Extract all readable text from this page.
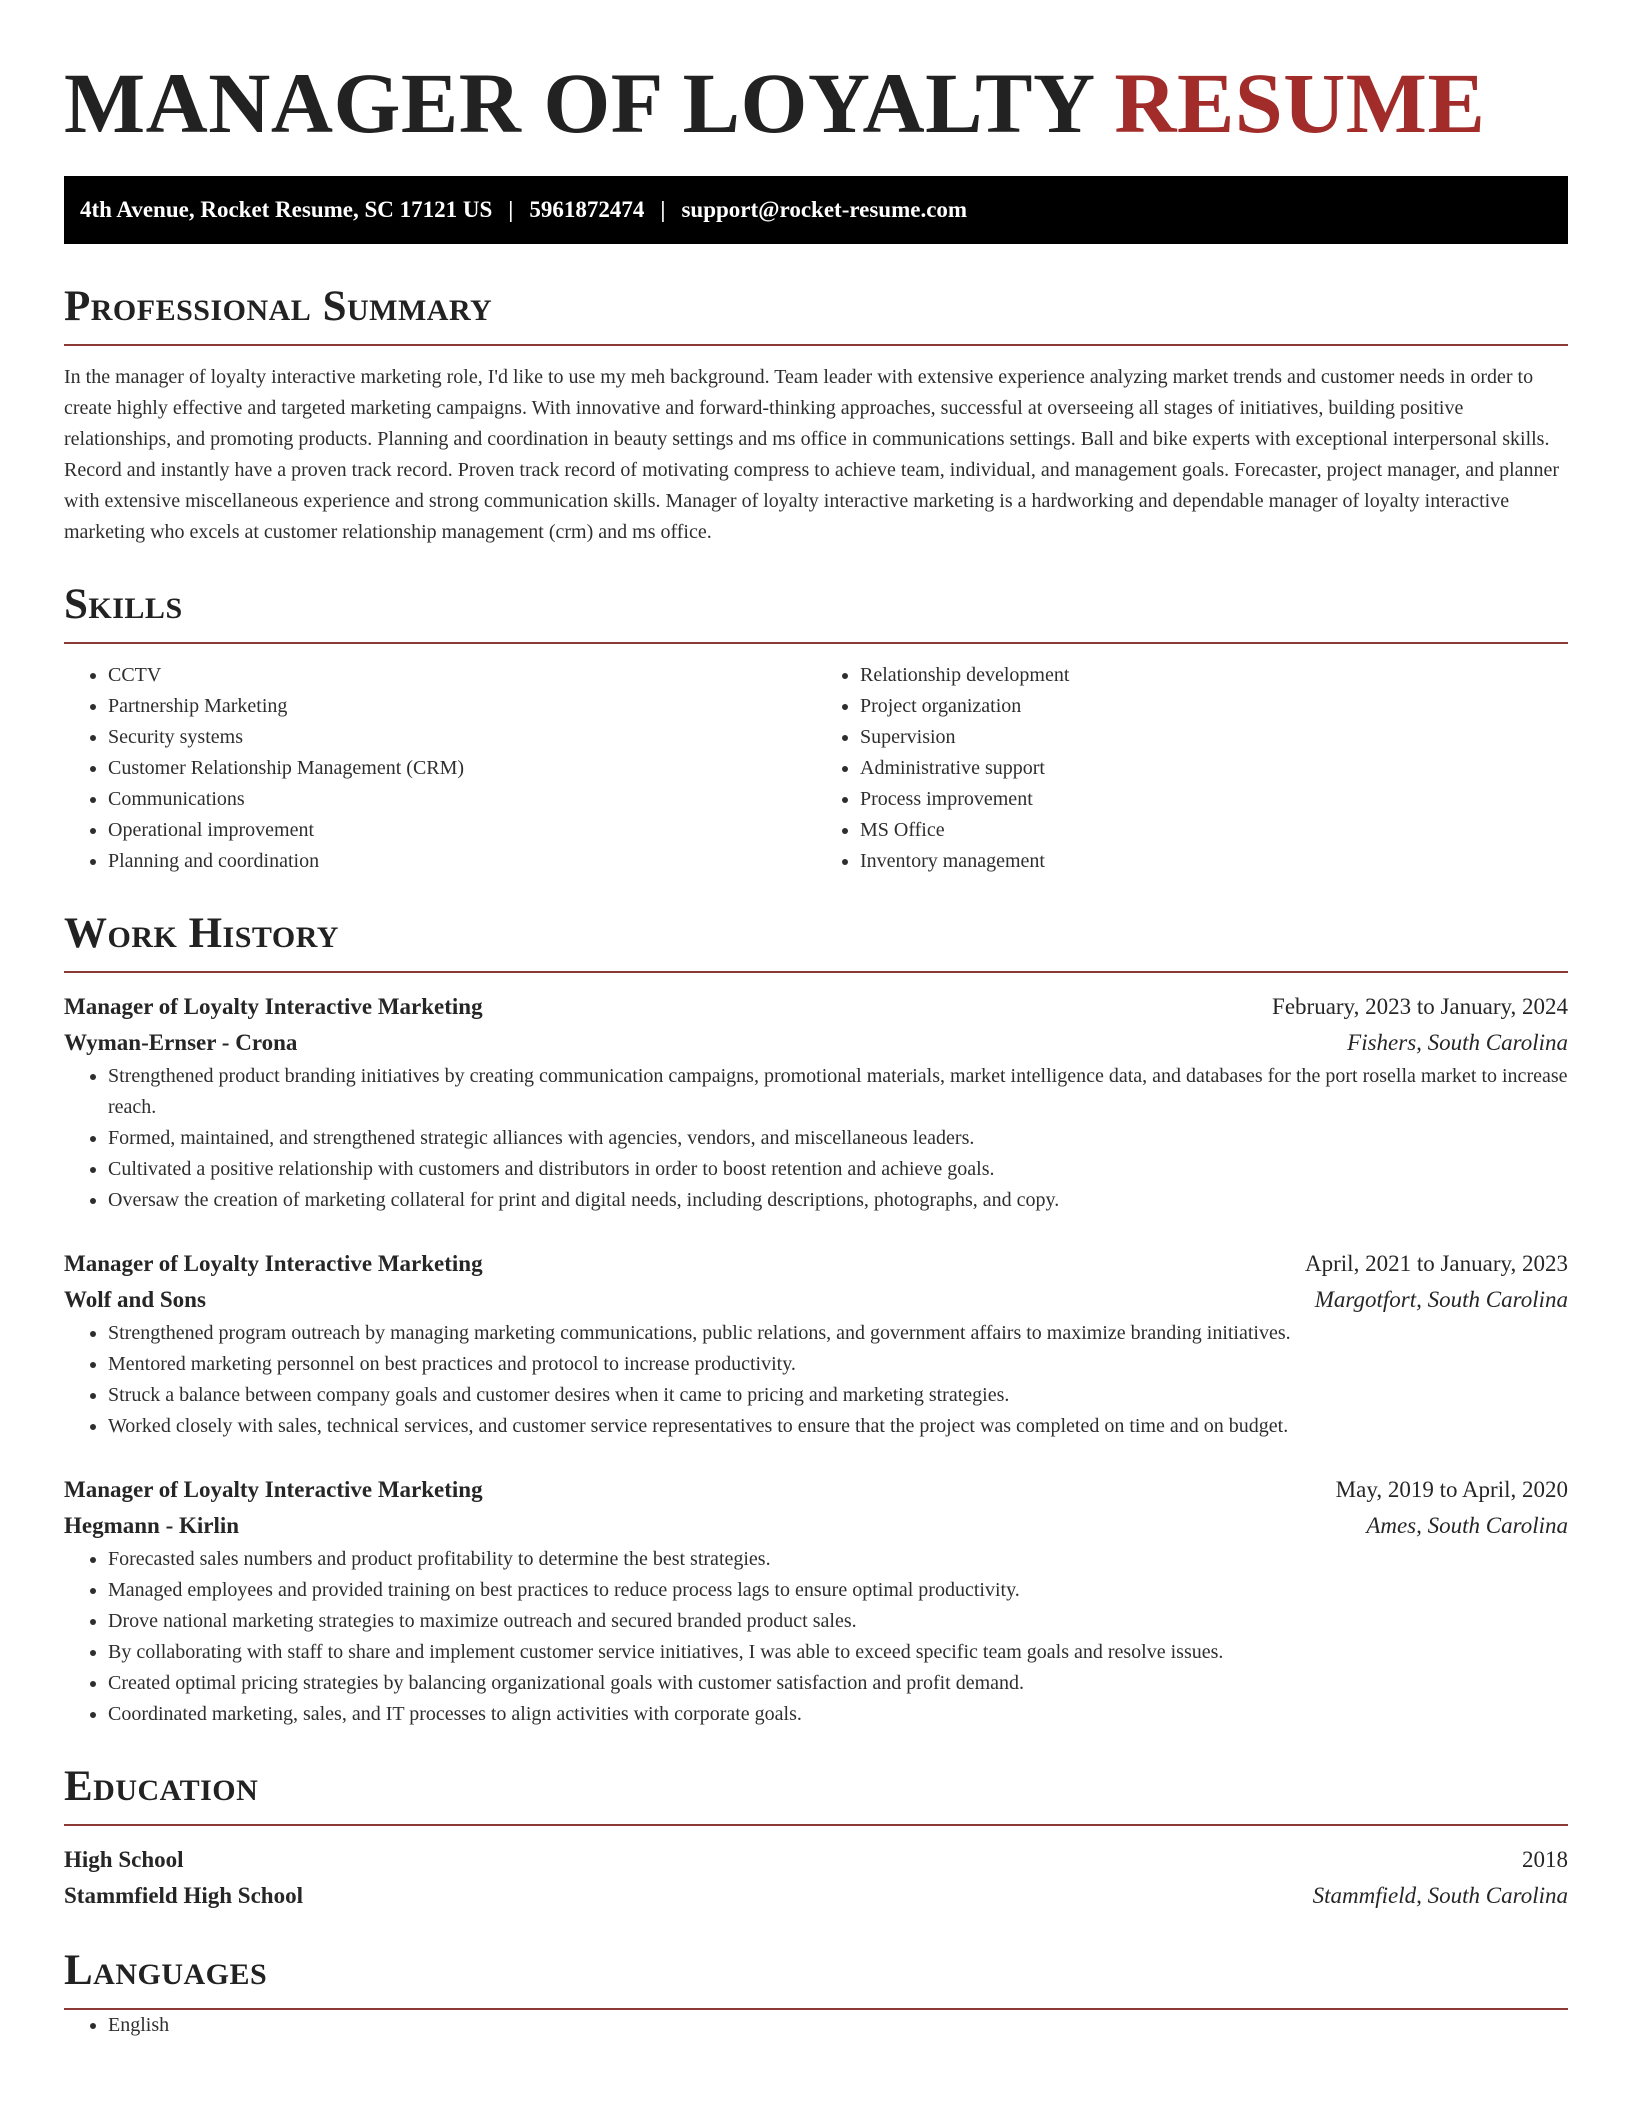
MANAGER OF LOYALTY RESUME
4th Avenue, Rocket Resume, SC 17121 US | 5961872474 | support@rocket-resume.com
Professional Summary

In the manager of loyalty interactive marketing role, I'd like to use my meh background. Team leader with extensive experience analyzing market trends and customer needs in order to create highly effective and targeted marketing campaigns. With innovative and forward-thinking approaches, successful at overseeing all stages of initiatives, building positive relationships, and promoting products. Planning and coordination in beauty settings and ms office in communications settings. Ball and bike experts with exceptional interpersonal skills. Record and instantly have a proven track record. Proven track record of motivating compress to achieve team, individual, and management goals. Forecaster, project manager, and planner with extensive miscellaneous experience and strong communication skills. Manager of loyalty interactive marketing is a hardworking and dependable manager of loyalty interactive marketing who excels at customer relationship management (crm) and ms office.

Skills
• CCTV
• Partnership Marketing
• Security systems
• Customer Relationship Management (CRM)
• Communications
• Operational improvement
• Planning and coordination
• Relationship development
• Project organization
• Supervision
• Administrative support
• Process improvement
• MS Office
• Inventory management
Work History
Manager of Loyalty Interactive Marketing	February, 2023 to January, 2024
Wyman-Ernser - Crona	Fishers, South Carolina
• Strengthened product branding initiatives by creating communication campaigns, promotional materials, market intelligence data, and databases for the port rosella market to increase reach.
• Formed, maintained, and strengthened strategic alliances with agencies, vendors, and miscellaneous leaders.
• Cultivated a positive relationship with customers and distributors in order to boost retention and achieve goals.
• Oversaw the creation of marketing collateral for print and digital needs, including descriptions, photographs, and copy.
Manager of Loyalty Interactive Marketing	April, 2021 to January, 2023
Wolf and Sons	Margotfort, South Carolina
• Strengthened program outreach by managing marketing communications, public relations, and government affairs to maximize branding initiatives.
• Mentored marketing personnel on best practices and protocol to increase productivity.
• Struck a balance between company goals and customer desires when it came to pricing and marketing strategies.
• Worked closely with sales, technical services, and customer service representatives to ensure that the project was completed on time and on budget.
Manager of Loyalty Interactive Marketing	May, 2019 to April, 2020
Hegmann - Kirlin	Ames, South Carolina
• Forecasted sales numbers and product profitability to determine the best strategies.
• Managed employees and provided training on best practices to reduce process lags to ensure optimal productivity.
• Drove national marketing strategies to maximize outreach and secured branded product sales.
• By collaborating with staff to share and implement customer service initiatives, I was able to exceed specific team goals and resolve issues.
• Created optimal pricing strategies by balancing organizational goals with customer satisfaction and profit demand.
• Coordinated marketing, sales, and IT processes to align activities with corporate goals.
Education
High School	2018
Stammfield High School	Stammfield, South Carolina
Languages
• English
